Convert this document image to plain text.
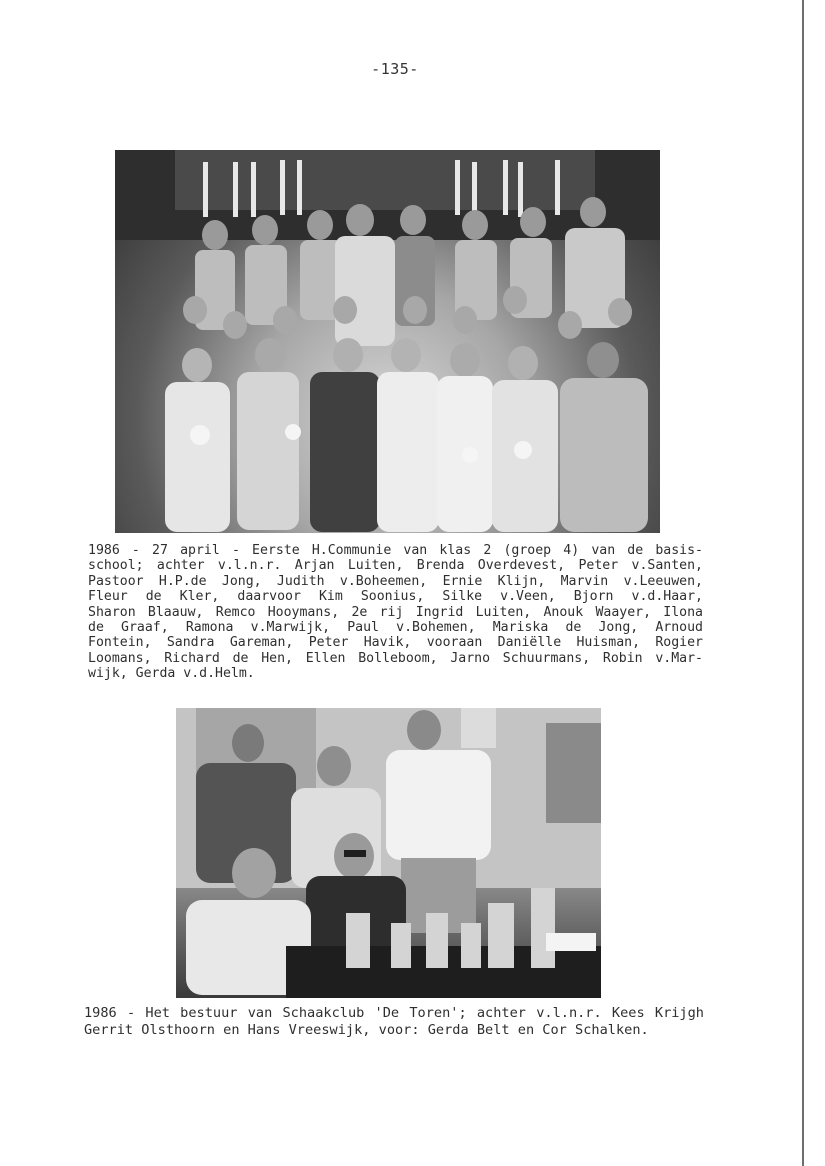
-135-

1986 - 27 april - Eerste H.Communie van klas 2 (groep 4) van de basis-
school; achter v.l.n.r. Arjan Luiten, Brenda Overdevest, Peter v.Santen,
Pastoor H.P.de Jong, Judith v.Boheemen, Ernie Klijn, Marvin v.Leeuwen,
Fleur de Kler, daarvoor Kim Soonius, Silke v.Veen, Bjorn v.d.Haar,
Sharon Blaauw, Remco Hooymans, 2e rij Ingrid Luiten, Anouk Waayer, Ilona
de Graaf, Ramona v.Marwijk, Paul v.Bohemen, Mariska de Jong, Arnoud
Fontein, Sandra Gareman, Peter Havik, vooraan Daniëlle Huisman, Rogier
Loomans, Richard de Hen, Ellen Bolleboom, Jarno Schuurmans, Robin v.Mar-
wijk, Gerda v.d.Helm.

1986 - Het bestuur van Schaakclub 'De Toren'; achter v.l.n.r. Kees Krijgh
Gerrit Olsthoorn en Hans Vreeswijk, voor: Gerda Belt en Cor Schalken.
